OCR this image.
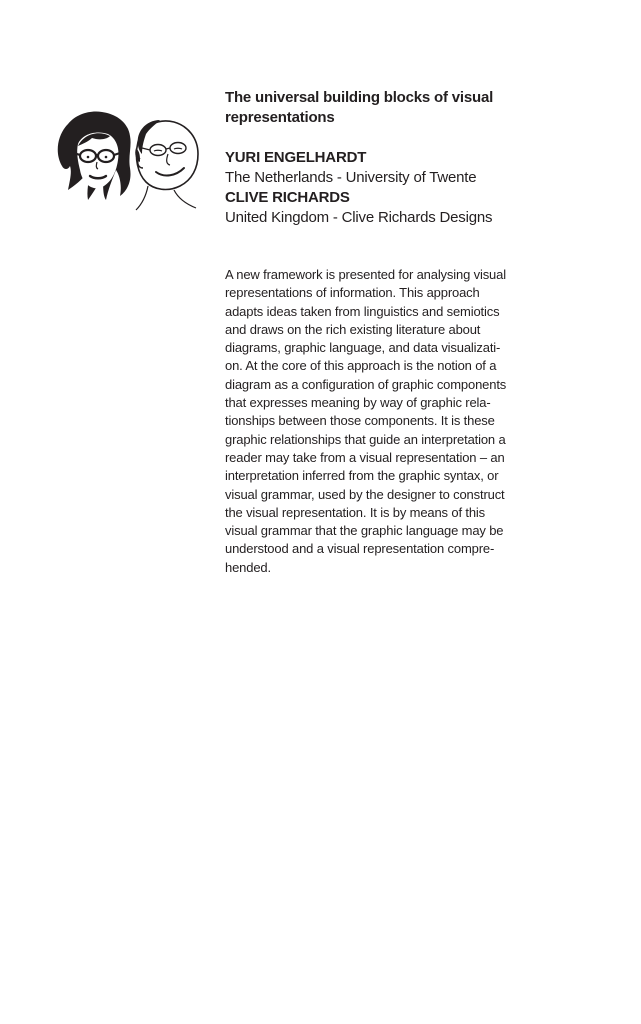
The universal building blocks of visual
representations
YURI ENGELHARDT
The Netherlands - University of Twente
CLIVE RICHARDS
United Kingdom - Clive Richards Designs
A new framework is presented for analysing visual
representations of information. This approach
adapts ideas taken from linguistics and semiotics
and draws on the rich existing literature about
diagrams, graphic language, and data visualizati-
on. At the core of this approach is the notion of a
diagram as a configuration of graphic components
that expresses meaning by way of graphic rela-
tionships between those components. It is these
graphic relationships that guide an interpretation a
reader may take from a visual representation – an
interpretation inferred from the graphic syntax, or
visual grammar, used by the designer to construct
the visual representation. It is by means of this
visual grammar that the graphic language may be
understood and a visual representation compre-
hended.
